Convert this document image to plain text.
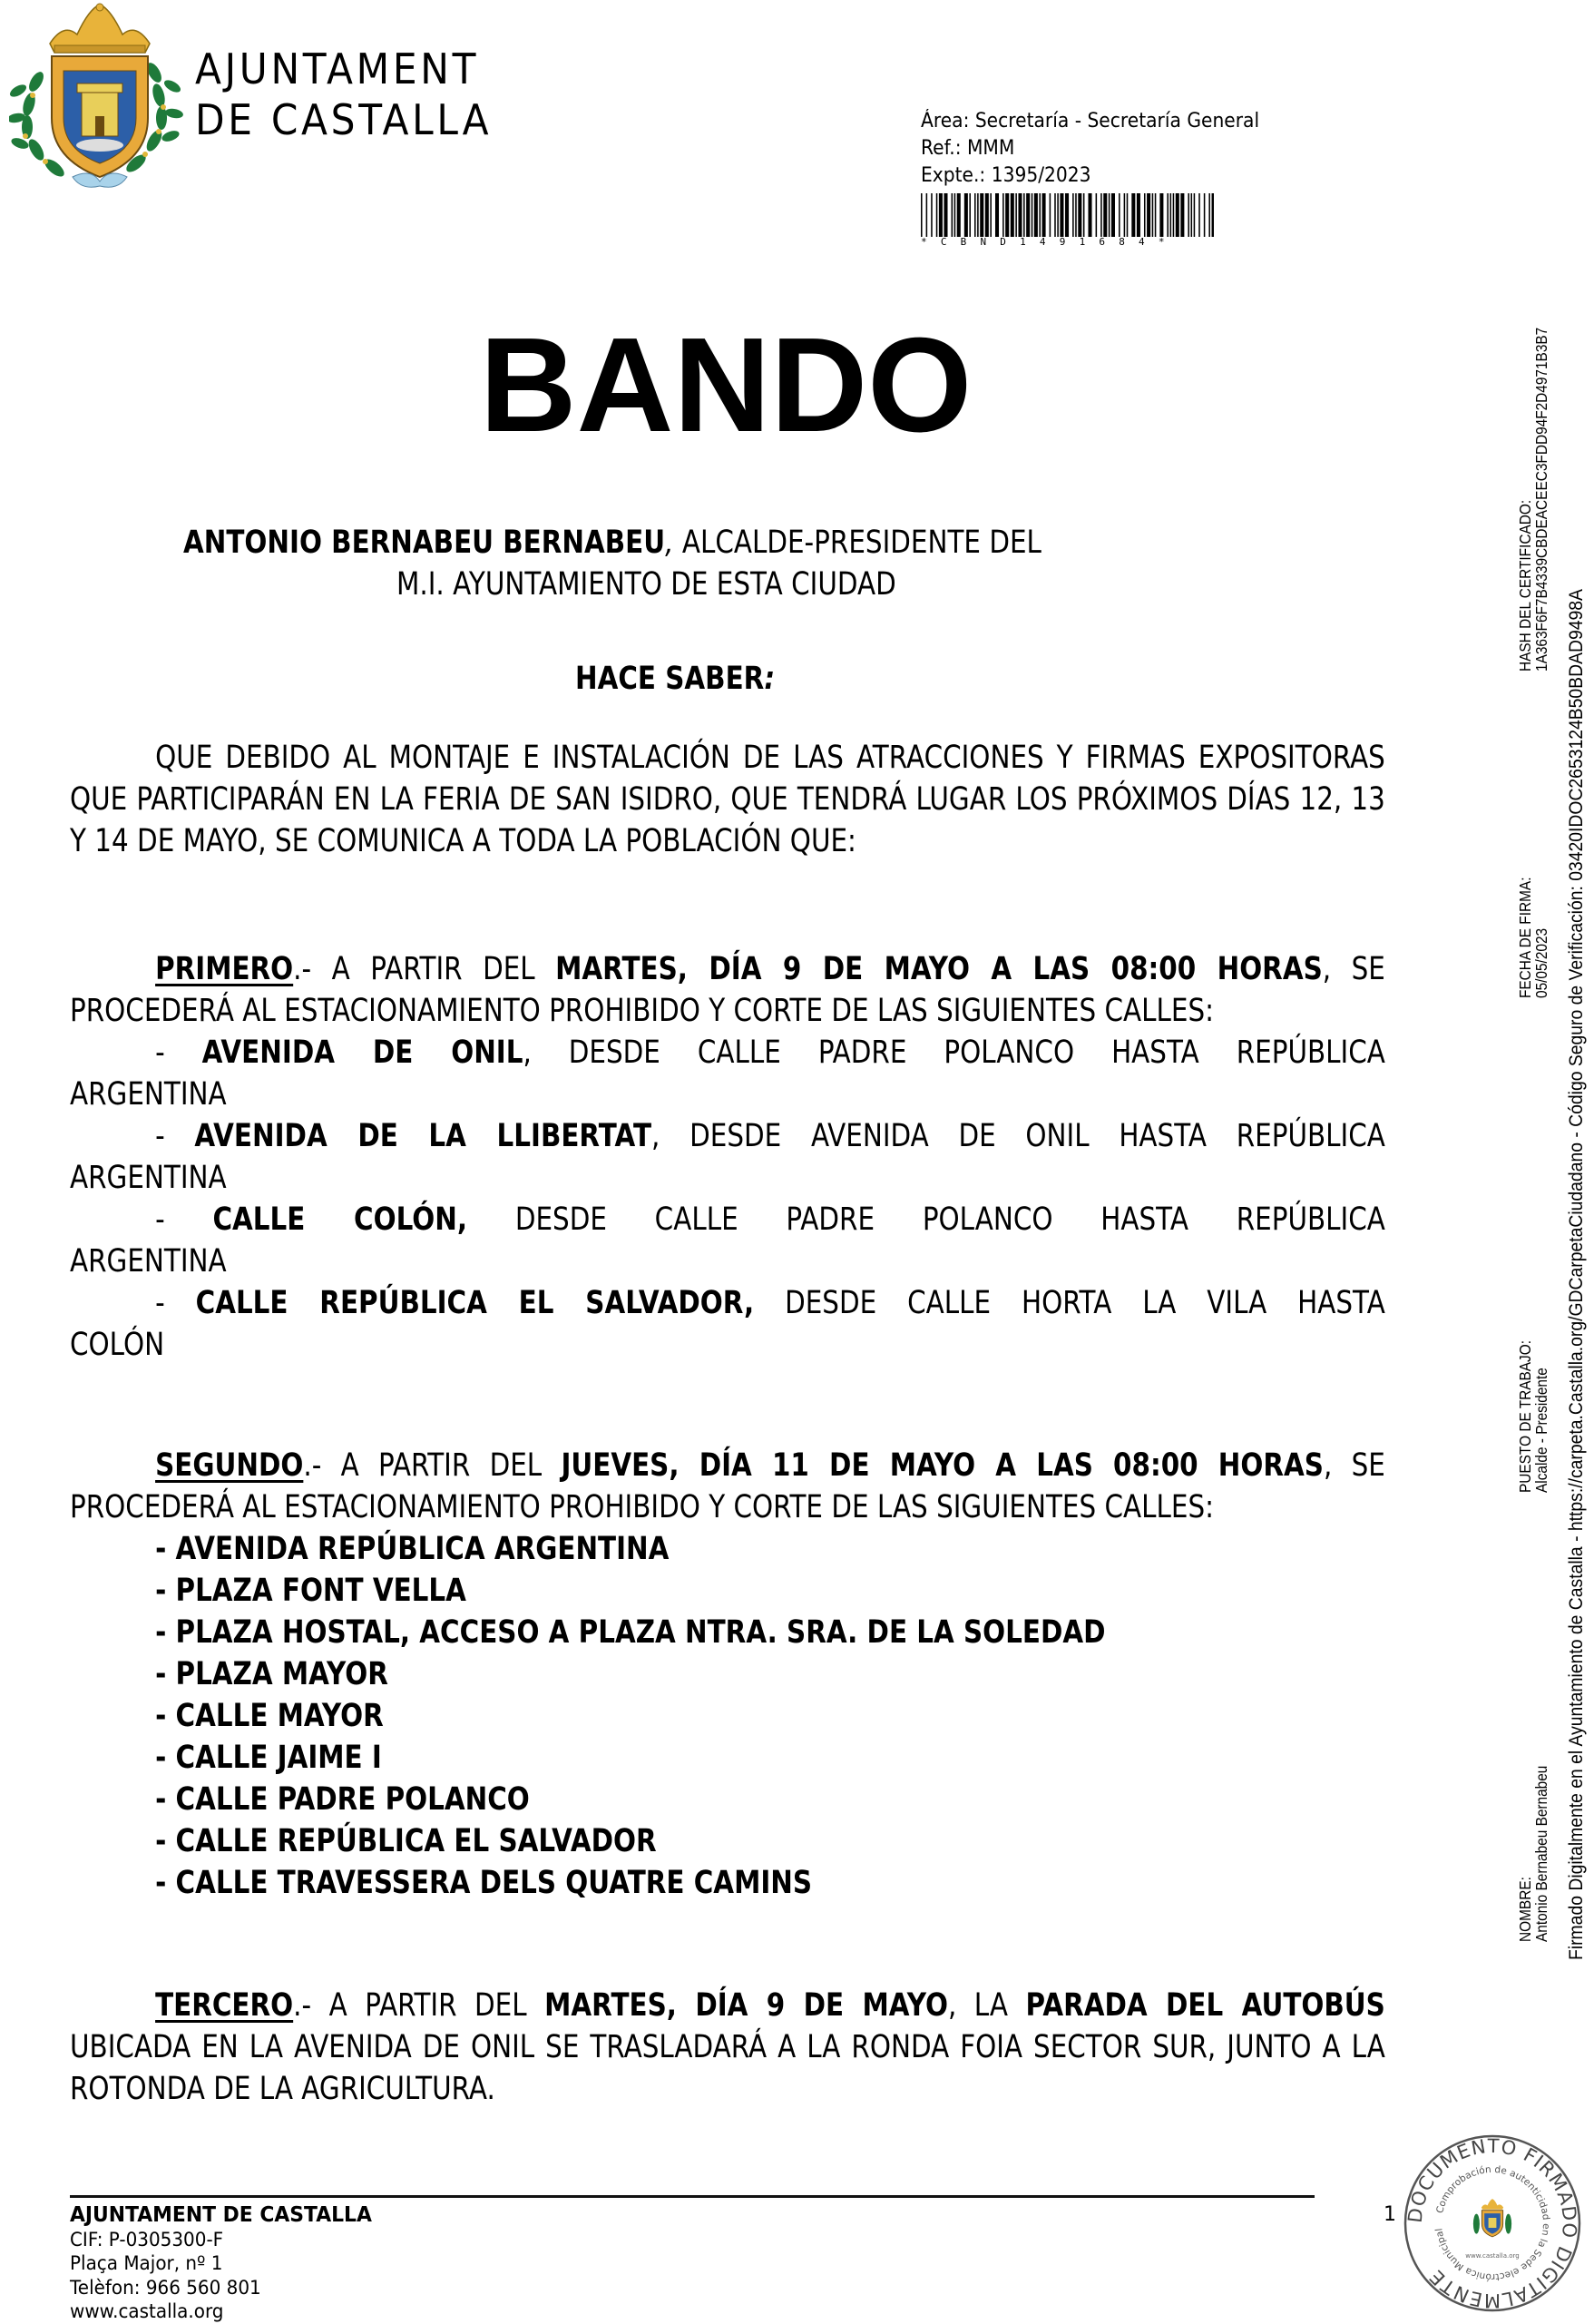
AJUNTAMENT
DE CASTALLA	Área: Secretaría - Secretaría General
Ref.: MMM
Expte.: 1395/2023
*CBND1491684*
BANDO
ANTONIO BERNABEU BERNABEU, ALCALDE-PRESIDENTE DEL
M.I. AYUNTAMIENTO DE ESTA CIUDAD
HACE SABER:

QUE DEBIDO AL MONTAJE E INSTALACIÓN DE LAS ATRACCIONES Y FIRMAS EXPOSITORAS QUE PARTICIPARÁN EN LA FERIA DE SAN ISIDRO, QUE TENDRÁ LUGAR LOS PRÓXIMOS DÍAS 12, 13 Y 14 DE MAYO, SE COMUNICA A TODA LA POBLACIÓN QUE:

PRIMERO.- A PARTIR DEL MARTES, DÍA 9 DE MAYO A LAS 08:00 HORAS, SE PROCEDERÁ AL ESTACIONAMIENTO PROHIBIDO Y CORTE DE LAS SIGUIENTES CALLES:

- AVENIDA DE ONIL, DESDE CALLE PADRE POLANCO HASTA REPÚBLICA
ARGENTINA
- AVENIDA DE LA LLIBERTAT, DESDE AVENIDA DE ONIL HASTA REPÚBLICA
ARGENTINA
- CALLE COLÓN, DESDE CALLE PADRE POLANCO HASTA REPÚBLICA
ARGENTINA
- CALLE REPÚBLICA EL SALVADOR, DESDE CALLE HORTA LA VILA HASTA
COLÓN

SEGUNDO.- A PARTIR DEL JUEVES, DÍA 11 DE MAYO A LAS 08:00 HORAS, SE PROCEDERÁ AL ESTACIONAMIENTO PROHIBIDO Y CORTE DE LAS SIGUIENTES CALLES:

- AVENIDA REPÚBLICA ARGENTINA
- PLAZA FONT VELLA
- PLAZA HOSTAL, ACCESO A PLAZA NTRA. SRA. DE LA SOLEDAD
- PLAZA MAYOR
- CALLE MAYOR
- CALLE JAIME I
- CALLE PADRE POLANCO
- CALLE REPÚBLICA EL SALVADOR
- CALLE TRAVESSERA DELS QUATRE CAMINS

TERCERO.- A PARTIR DEL MARTES, DÍA 9 DE MAYO, LA PARADA DEL AUTOBÚS UBICADA EN LA AVENIDA DE ONIL SE TRASLADARÁ A LA RONDA FOIA SECTOR SUR, JUNTO A LA ROTONDA DE LA AGRICULTURA.

AJUNTAMENT DE CASTALLA
CIF: P-0305300-F
Plaça Major, nº 1
Telèfon: 966 560 801
www.castalla.org
1 DOCUMENTO FIRMADO DIGITALMENTE
Comprobación de autenticidad en la Sede electrónica Municipal
www.castalla.org
NOMBRE:
Antonio Bernabeu Bernabeu
PUESTO DE TRABAJO:
Alcalde - Presidente
FECHA DE FIRMA:
05/05/2023
HASH DEL CERTIFICADO:
1A363F6F7B4339CBDEACEEC3FDD94F2D4971B3B7
Firmado Digitalmente en el Ayuntamiento de Castalla - https://carpeta.Castalla.org/GDCarpetaCiudadano - Código Seguro de Verificación: 03420IDOC2653124B50BDAD9498A
